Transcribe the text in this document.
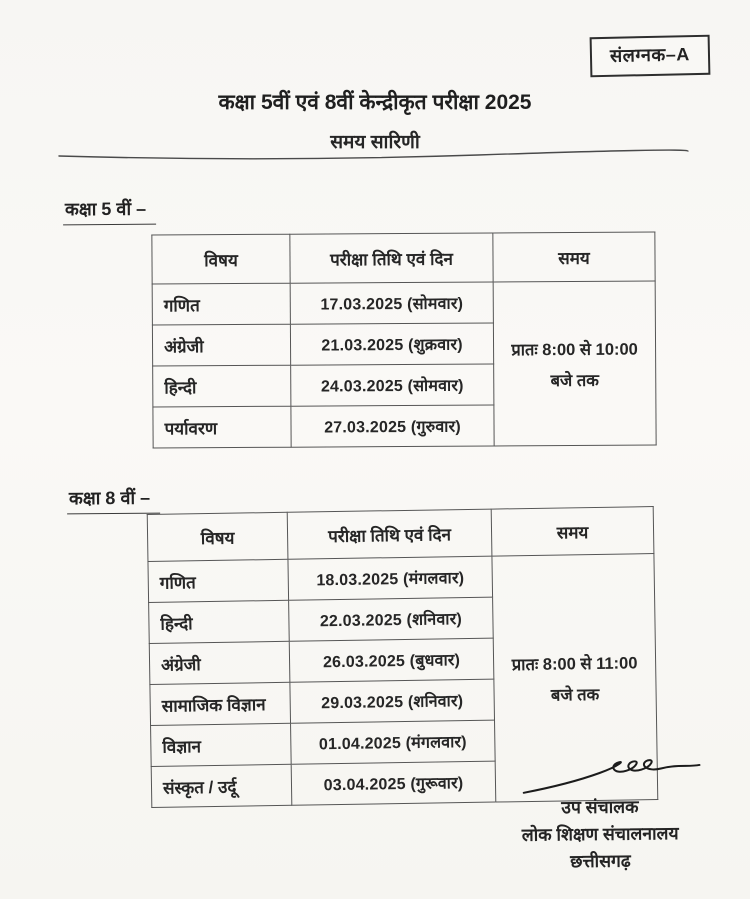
संलग्नक–A
कक्षा 5वीं एवं 8वीं केन्द्रीकृत परीक्षा 2025
समय सारिणी
कक्षा 5 वीं –
विषय	परीक्षा तिथि एवं दिन	समय
गणित	17.03.2025 (सोमवार)	प्रातः 8:00 से 10:00
बजे तक

अंग्रेजी	21.03.2025 (शुक्रवार)	
हिन्दी	24.03.2025 (सोमवार)	
पर्यावरण	27.03.2025 (गुरुवार)	
कक्षा 8 वीं –
विषय	परीक्षा तिथि एवं दिन	समय
गणित	18.03.2025 (मंगलवार)	प्रातः 8:00 से 11:00
बजे तक

हिन्दी	22.03.2025 (शनिवार)	
अंग्रेजी	26.03.2025 (बुधवार)	
सामाजिक विज्ञान	29.03.2025 (शनिवार)	
विज्ञान	01.04.2025 (मंगलवार)	
संस्कृत / उर्दू	03.04.2025 (गुरूवार)	
उप संचालक
लोक शिक्षण संचालनालय
छत्तीसगढ़
